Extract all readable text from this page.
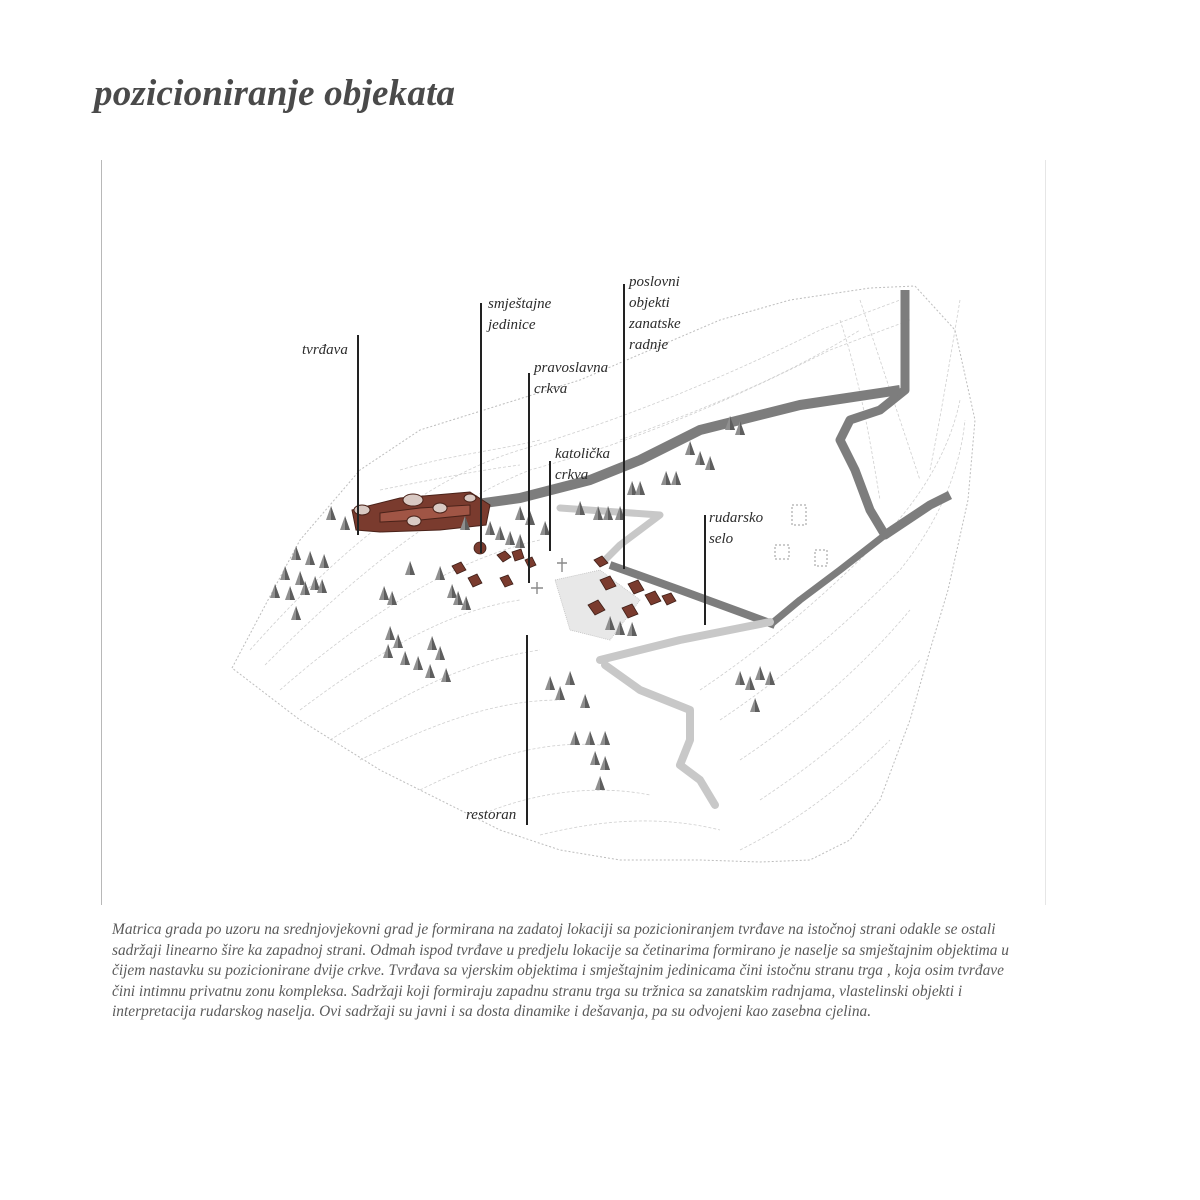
pozicioniranje objekata
tvrđava
smještajne
jedinice
pravoslavna
crkva
katolička
crkva
poslovni
objekti
zanatske
radnje
rudarsko
selo
restoran

Matrica grada po uzoru na srednjovjekovni grad je formirana na zadatoj lokaciji sa pozicioniranjem tvrđave na istočnoj strani odakle se ostali sadržaji linearno šire ka zapadnoj strani. Odmah ispod tvrđave u predjelu lokacije sa četinarima formirano je naselje sa smještajnim objektima u čijem nastavku su pozicionirane dvije crkve. Tvrđava sa vjerskim objektima i smještajnim jedinicama čini istočnu stranu trga , koja osim tvrđave čini intimnu privatnu zonu kompleksa. Sadržaji koji formiraju zapadnu stranu trga su tržnica sa zanatskim radnjama, vlastelinski objekti i interpretacija rudarskog naselja. Ovi sadržaji su javni i sa dosta dinamike i dešavanja, pa su odvojeni kao zasebna cjelina.
